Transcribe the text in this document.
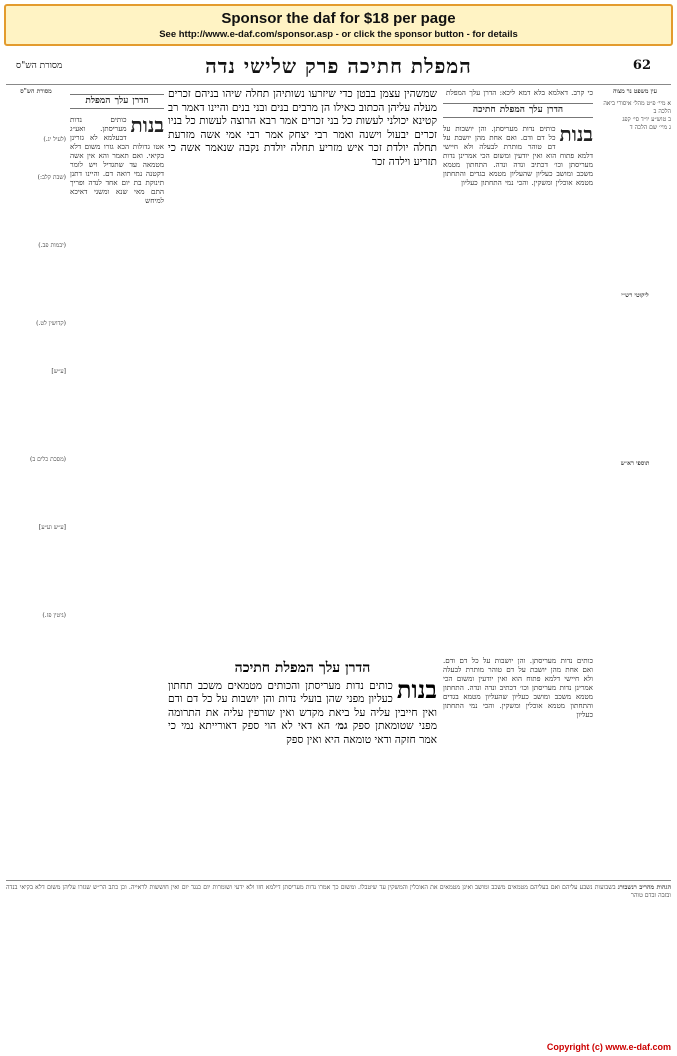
Sponsor the daf for $18 per page
See http://www.e-daf.com/sponsor.asp - or click the sponsor button - for details
62
המפלת חתיכה פרק שלישי נדה
מסורת הש"ס
עין משפט נר מצוה
א מיי׳ פ״ט מהל׳ איסורי ביאה הלכה ב
ב טוש״ע יו״ד סי׳ קפג
ג מיי׳ שם הלכה ד
ליקוטי רש״י
תוספי רא״ש
כי קרב. דאלמא בלא דמא ליכא: הדרן עלך המפלת
הדרן עלך המפלת חתיכה
בנות
כותים נדות מעריסתן. והן יושבות על כל דם ודם. ואם אחת מהן יושבת על דם טוהר מותרת לבעלה ולא חיישי דלמא פתוח הוא ואין יודעין ומשום הכי אמרינן נדות מעריסתן וכו׳ דכתיב ונדה ונדה. התחתון מטמא משכב ומושב כעליון שהעליון מטמא בגדים והתחתון מטמא אוכלין ומשקין. והכי נמי התחתון כעליון
שמשהין עצמן בבטן כדי שיזרעו נשותיהן תחלה שיהו בניהם זכרים מעלה עליהן הכתוב כאילו הן מרבים בנים ובני בנים והיינו דאמר רב קטינא יכולני לעשות כל בני זכרים אמר רבא הרוצה לעשות כל בניו זכרים יבעול וישנה ואמר רבי יצחק אמר רבי אמי אשה מזרעת תחלה יולדת זכר איש מזריע תחלה יולדת נקבה שנאמר אשה כי תזריע וילדה זכר
הדרן עלך המפלת
בנות
כותים נדות מעריסתן. ואע״ג דבעלמא לא גזרינן אטו גדולות הכא גזרו משום דלא בקיאי. ואם תאמר והא אין אשה מטמאה עד שתגדיל ויש לומר דקטנה נמי רואה דם. והיינו דתנן תינוקת בת יום אחד לנדה ופריך התם מאי שנא ומשני דאיכא למיחש
מסורת הש"ס
(לעיל יג.)
(שבת קלב:)
(יבמות פב.)
(קדושין לט.)
[ע״ש]
(מסכת כלים ב)
[ע״ש וע״ע]
(גיטין פז.)
הדרן עלך המפלת חתיכה
בנות
כותים נדות מעריסתן והכותים מטמאים משכב תחתון כעליון מפני שהן בועלי נדות והן יושבות על כל דם ודם ואין חייבין עליה על ביאת מקדש ואין שורפין עליה את התרומה מפני שטומאתן ספק גמ׳ הא דאי לא הוי ספק דאורייתא נמי כי אמר חזקה ודאי טומאה היא ואין ספק
כותים נדות מעריסתן. והן יושבות על כל דם ודם. ואם אחת מהן יושבת על דם טוהר מותרת לבעלה ולא חיישי דלמא פתוח הוא ואין יודעין ומשום הכי אמרינן נדות מעריסתן וכו׳ דכתיב ונדה ונדה. התחתון מטמא משכב ומושב כעליון שהעליון מטמא בגדים והתחתון מטמא אוכלין ומשקין. והכי נמי התחתון כעליון
הגהות מהריב רנשבורג בשבועות נשבע עליהם ואם בעליהם מטמאים משכב ומושב ואינן מטמאים את האוכלין והמשקין עד שיטבלו. ומשום כך אמרו נדות מעריסתן דילמא חזו ולא ידעי ושומרות יום כנגד יום ואין חוששות לראייה. וכן כתב הר״ש שגזרו עליהן משום דלא בקיאי בנדה ובזבה ובדם טוהר
Copyright (c) www.e-daf.com
